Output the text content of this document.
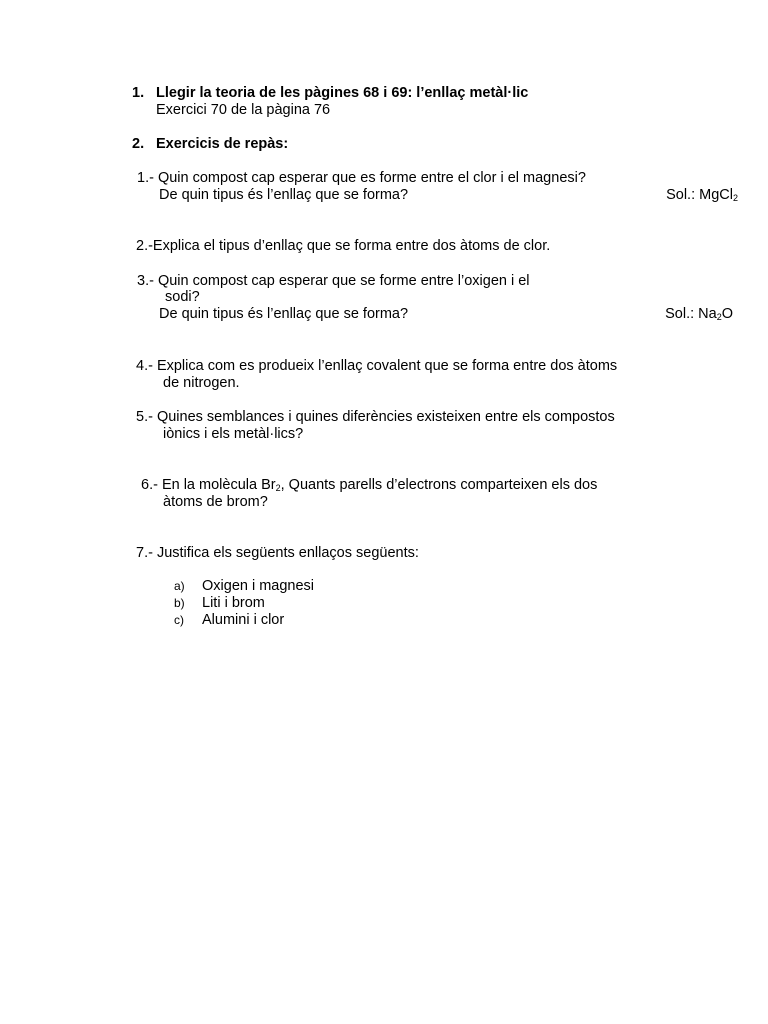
1. Llegir la teoria de les pàgines 68 i 69: l’enllaç metàl·lic
Exercici 70 de la pàgina 76
2. Exercicis de repàs:
1.- Quin compost cap esperar que es forme entre el clor i el magnesi?
De quin tipus és l’enllaç que se forma?	Sol.: MgCl$_2$
2.-Explica el tipus d’enllaç que se forma entre dos àtoms de clor.
3.- Quin compost cap esperar que se forme entre l’oxigen i el
sodi?
De quin tipus és l’enllaç que se forma?	Sol.: $Na_2O$
4.- Explica com es produeix l’enllaç covalent que se forma entre dos àtoms
de nitrogen.
5.- Quines semblances i quines diferències existeixen entre els compostos
iònics i els metàl·lics?
6.- En la molècula $Br_2$, Quants parells d’electrons comparteixen els dos
àtoms de brom?
7.- Justifica els següents enllaços següents:
a) Oxigen i magnesi
b) Liti i brom
c) Alumini i clor
